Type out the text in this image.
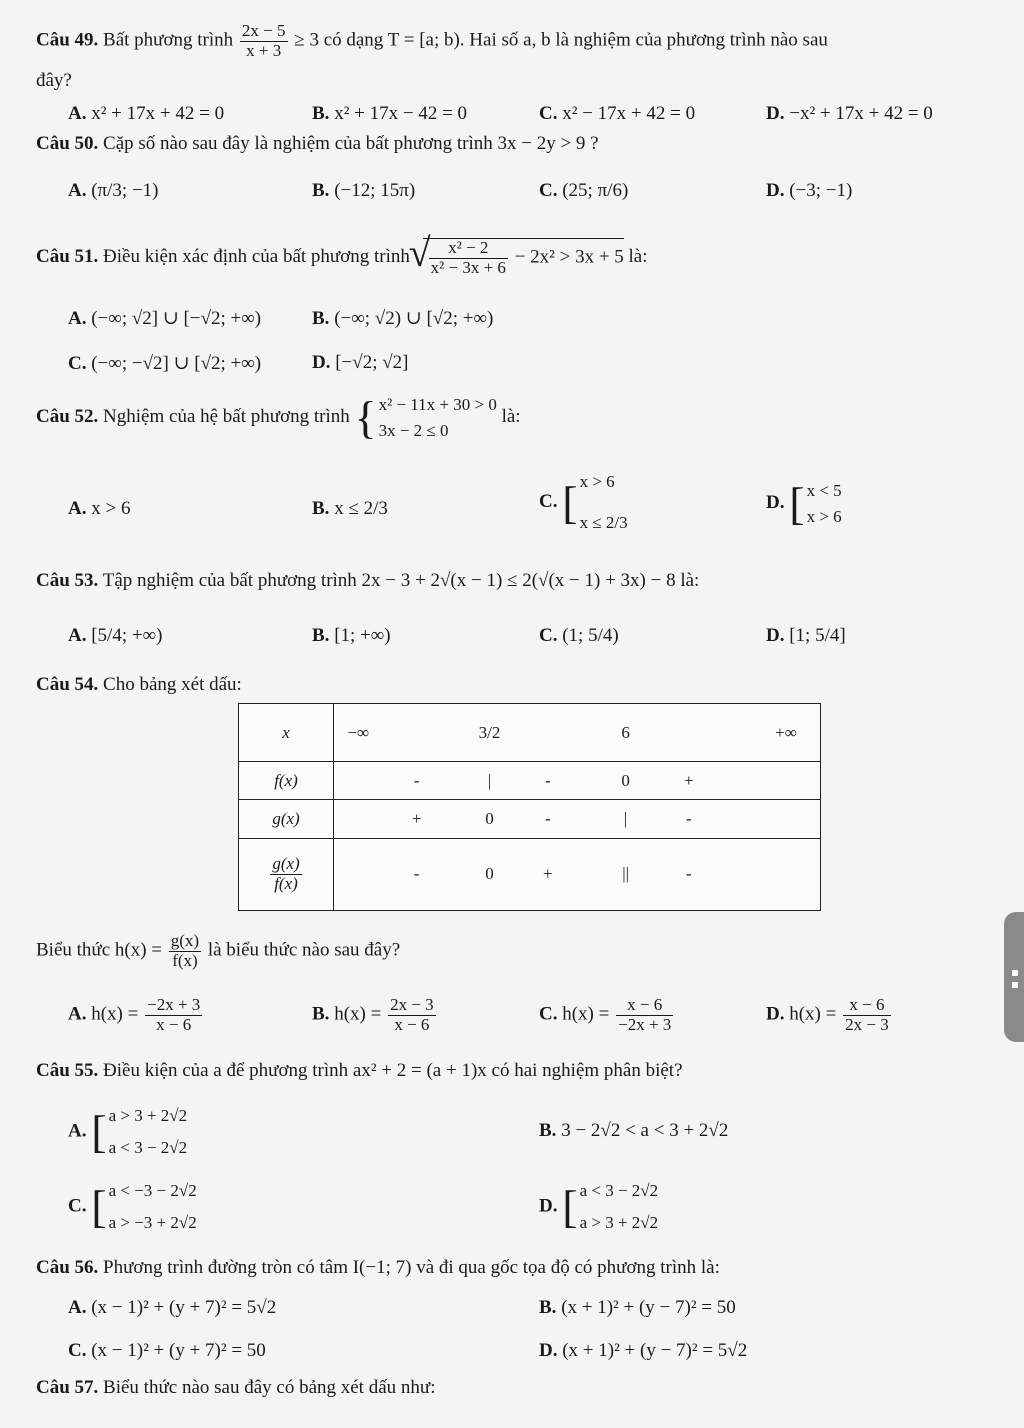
Câu 49. Bất phương trình $\frac{2x - 5}{x + 3} \ge 3$ có dạng T = [a; b). Hai số a, b là nghiệm của phương trình nào sau
đây?
A. x² + 17x + 42 = 0	B. x² + 17x − 42 = 0	C. x² − 17x + 42 = 0	D. −x² + 17x + 42 = 0
Câu 50. Cặp số nào sau đây là nghiệm của bất phương trình 3x − 2y > 9 ?
A. (π/3; −1)	B. (−12; 15π)	C. (25; π/6)	D. (−3; −1)
Câu 51. Điều kiện xác định của bất phương trình
√
$\frac{\text{x² − 2}}{\text{x² − 3x + 6}} - 2x^2 > 3x + 5$ là:
A. (−∞; √2] ∪ [−√2; +∞)	B. (−∞; √2) ∪ [√2; +∞)
C. (−∞; −√2] ∪ [√2; +∞)	D. [−√2; √2]
Câu 52. Nghiệm của hệ bất phương trình { x² − 11x + 30 > 0
3x − 2 ≤ 0
là:
A. x > 6	B. x ≤ 2/3	C. [ x > 6
x ≤ 2/3
D. [ x < 5
x > 6
Câu 53. Tập nghiệm của bất phương trình 2x − 3 + 2√(x − 1) ≤ 2(√(x − 1) + 3x) − 8 là:
A. [5/4; +∞)	B. [1; +∞)	C. (1; 5/4)	D. [1; 5/4]
Câu 54. Cho bảng xét dấu:
x	−∞ 3/2 6 +∞

f(x)	- | - 0 +

g(x)	+ 0 - | -

$\frac{g(x)}{f(x)}$	- 0 + || -
Biểu thức $h(x) = \frac{g(x)}{f(x)}$ là biểu thức nào sau đây?
A. $h(x) = \frac{-2x + 3}{x - 6}$	B. $h(x) = \frac{2x - 3}{x - 6}$	C. $h(x) = \frac{x - 6}{-2x + 3}$	D. $h(x) = \frac{x - 6}{2x - 3}$
Câu 55. Điều kiện của a để phương trình ax² + 2 = (a + 1)x có hai nghiệm phân biệt?
A. [ a > 3 + 2√2
a < 3 − 2√2
B. 3 − 2√2 < a < 3 + 2√2
C. [ a < −3 − 2√2
a > −3 + 2√2
D. [ a < 3 − 2√2
a > 3 + 2√2
Câu 56. Phương trình đường tròn có tâm I(−1; 7) và đi qua gốc tọa độ có phương trình là:
A. (x − 1)² + (y + 7)² = 5√2	B. (x + 1)² + (y − 7)² = 50
C. (x − 1)² + (y + 7)² = 50	D. (x + 1)² + (y − 7)² = 5√2
Câu 57. Biểu thức nào sau đây có bảng xét dấu như:
